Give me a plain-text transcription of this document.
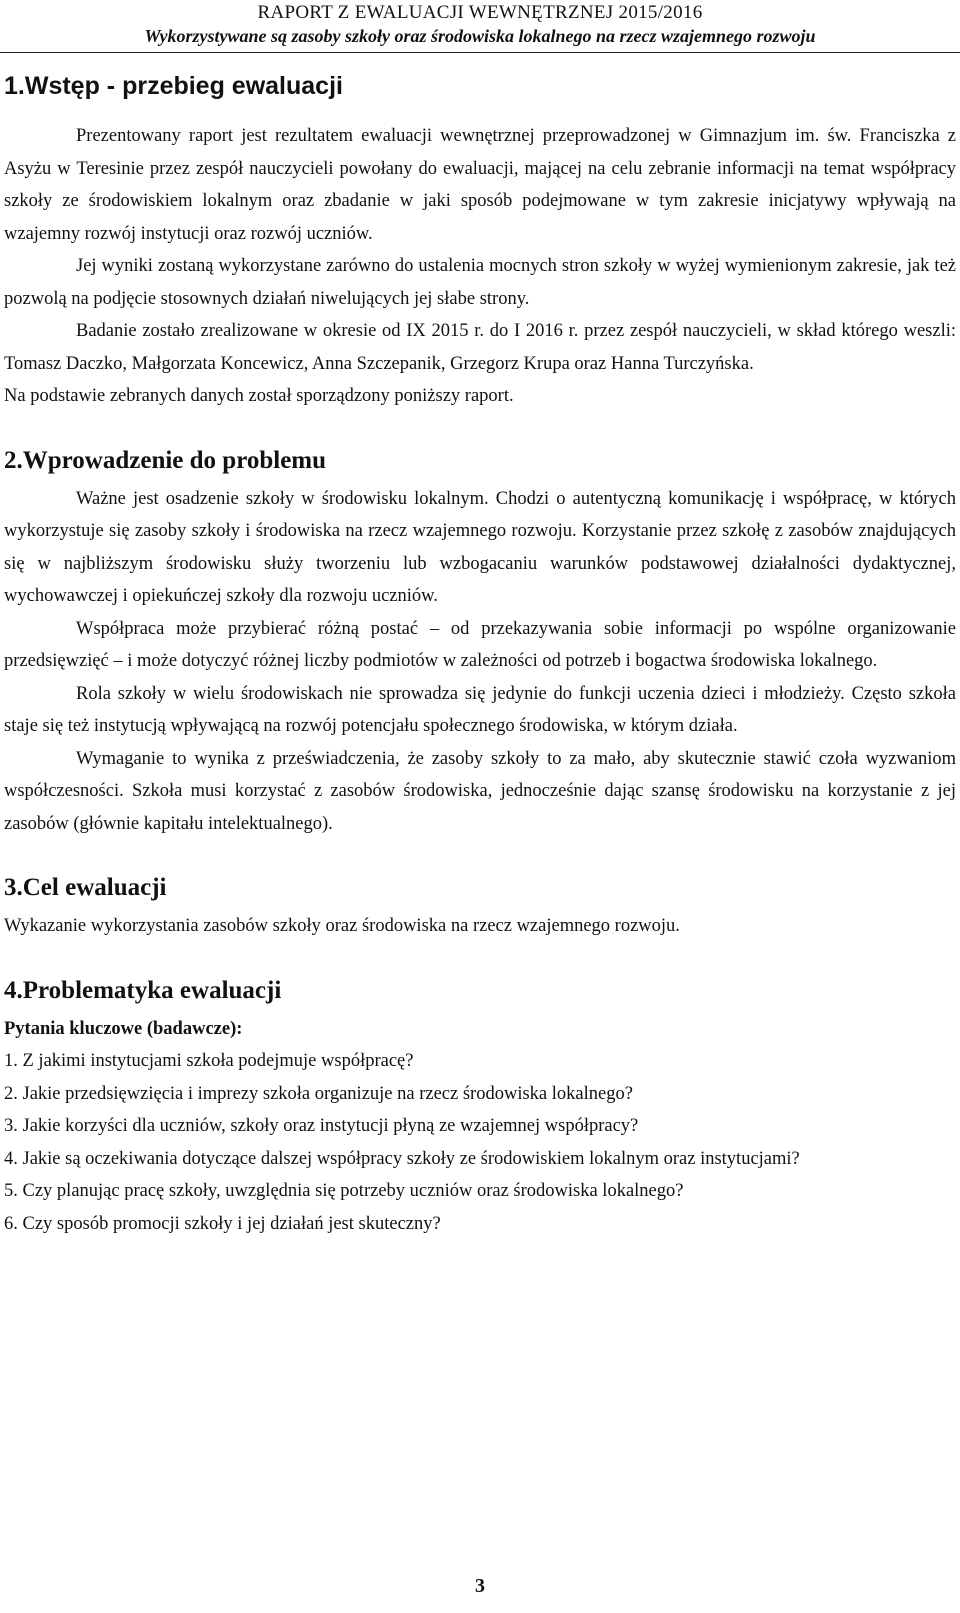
RAPORT Z EWALUACJI WEWNĘTRZNEJ 2015/2016
Wykorzystywane są zasoby szkoły oraz środowiska lokalnego na rzecz wzajemnego rozwoju
1.Wstęp - przebieg ewaluacji

Prezentowany raport jest rezultatem ewaluacji wewnętrznej przeprowadzonej w Gimnazjum im. św. Franciszka z Asyżu w Teresinie przez zespół nauczycieli powołany do ewaluacji, mającej na celu zebranie informacji na temat współpracy szkoły ze środowiskiem lokalnym oraz zbadanie w jaki sposób podejmowane w tym zakresie inicjatywy wpływają na wzajemny rozwój instytucji oraz rozwój uczniów.

Jej wyniki zostaną wykorzystane zarówno do ustalenia mocnych stron szkoły w wyżej wymienionym zakresie, jak też pozwolą na podjęcie stosownych działań niwelujących jej słabe strony.

Badanie zostało zrealizowane w okresie od IX 2015 r. do I 2016 r. przez zespół nauczycieli, w skład którego weszli: Tomasz Daczko, Małgorzata Koncewicz, Anna Szczepanik, Grzegorz Krupa oraz Hanna Turczyńska.

Na podstawie zebranych danych został sporządzony poniższy raport.

2.Wprowadzenie do problemu

Ważne jest osadzenie szkoły w środowisku lokalnym. Chodzi o autentyczną komunikację i współpracę, w których wykorzystuje się zasoby szkoły i środowiska na rzecz wzajemnego rozwoju. Korzystanie przez szkołę z zasobów znajdujących się w najbliższym środowisku służy tworzeniu lub wzbogacaniu warunków podstawowej działalności dydaktycznej, wychowawczej i opiekuńczej szkoły dla rozwoju uczniów.

Współpraca może przybierać różną postać – od przekazywania sobie informacji po wspólne organizowanie przedsięwzięć – i może dotyczyć różnej liczby podmiotów w zależności od potrzeb i bogactwa środowiska lokalnego.

Rola szkoły w wielu środowiskach nie sprowadza się jedynie do funkcji uczenia dzieci i młodzieży. Często szkoła staje się też instytucją wpływającą na rozwój potencjału społecznego środowiska, w którym działa.

Wymaganie to wynika z przeświadczenia, że zasoby szkoły to za mało, aby skutecznie stawić czoła wyzwaniom współczesności. Szkoła musi korzystać z zasobów środowiska, jednocześnie dając szansę środowisku na korzystanie z jej zasobów (głównie kapitału intelektualnego).

3.Cel ewaluacji

Wykazanie wykorzystania zasobów szkoły oraz środowiska na rzecz wzajemnego rozwoju.

4.Problematyka ewaluacji

Pytania kluczowe (badawcze):

1. Z jakimi instytucjami szkoła podejmuje współpracę?
2. Jakie przedsięwzięcia i imprezy szkoła organizuje na rzecz środowiska lokalnego?
3. Jakie korzyści dla uczniów, szkoły oraz instytucji płyną ze wzajemnej współpracy?
4. Jakie są oczekiwania dotyczące dalszej współpracy szkoły ze środowiskiem lokalnym oraz instytucjami?
5. Czy planując pracę szkoły, uwzględnia się potrzeby uczniów oraz środowiska lokalnego?
6. Czy sposób promocji szkoły i jej działań jest skuteczny?
3
